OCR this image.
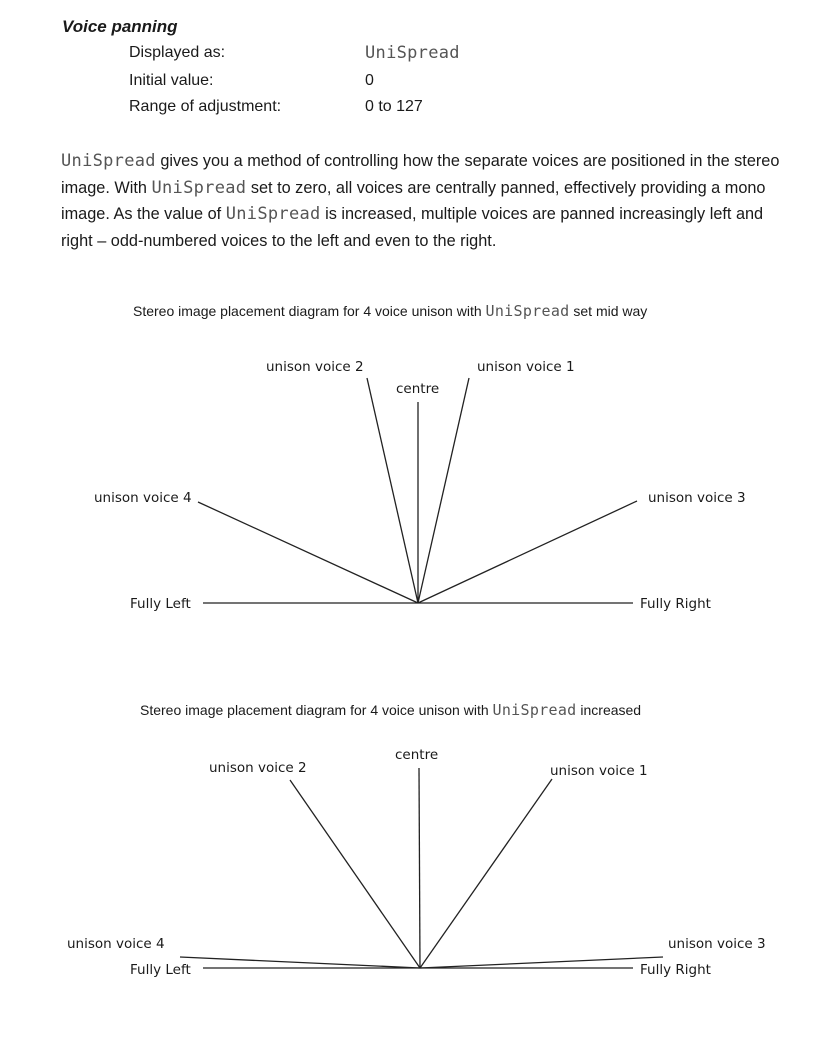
Voice panning
Displayed as:	UniSpread
Initial value:	0
Range of adjustment:	0 to 127
UniSpread gives you a method of controlling how the separate voices are positioned in the stereo image. With UniSpread set to zero, all voices are centrally panned, effectively providing a mono image. As the value of UniSpread is increased, multiple voices are panned increasingly left and right – odd-numbered voices to the left and even to the right.
Stereo image placement diagram for 4 voice unison with UniSpread set mid way
Stereo image placement diagram for 4 voice unison with UniSpread increased
unison voice 2	unison voice 1
centre
unison voice 4	unison voice 3
Fully Left	Fully Right
unison voice 2	unison voice 1
centre
unison voice 4	unison voice 3
Fully Left	Fully Right
